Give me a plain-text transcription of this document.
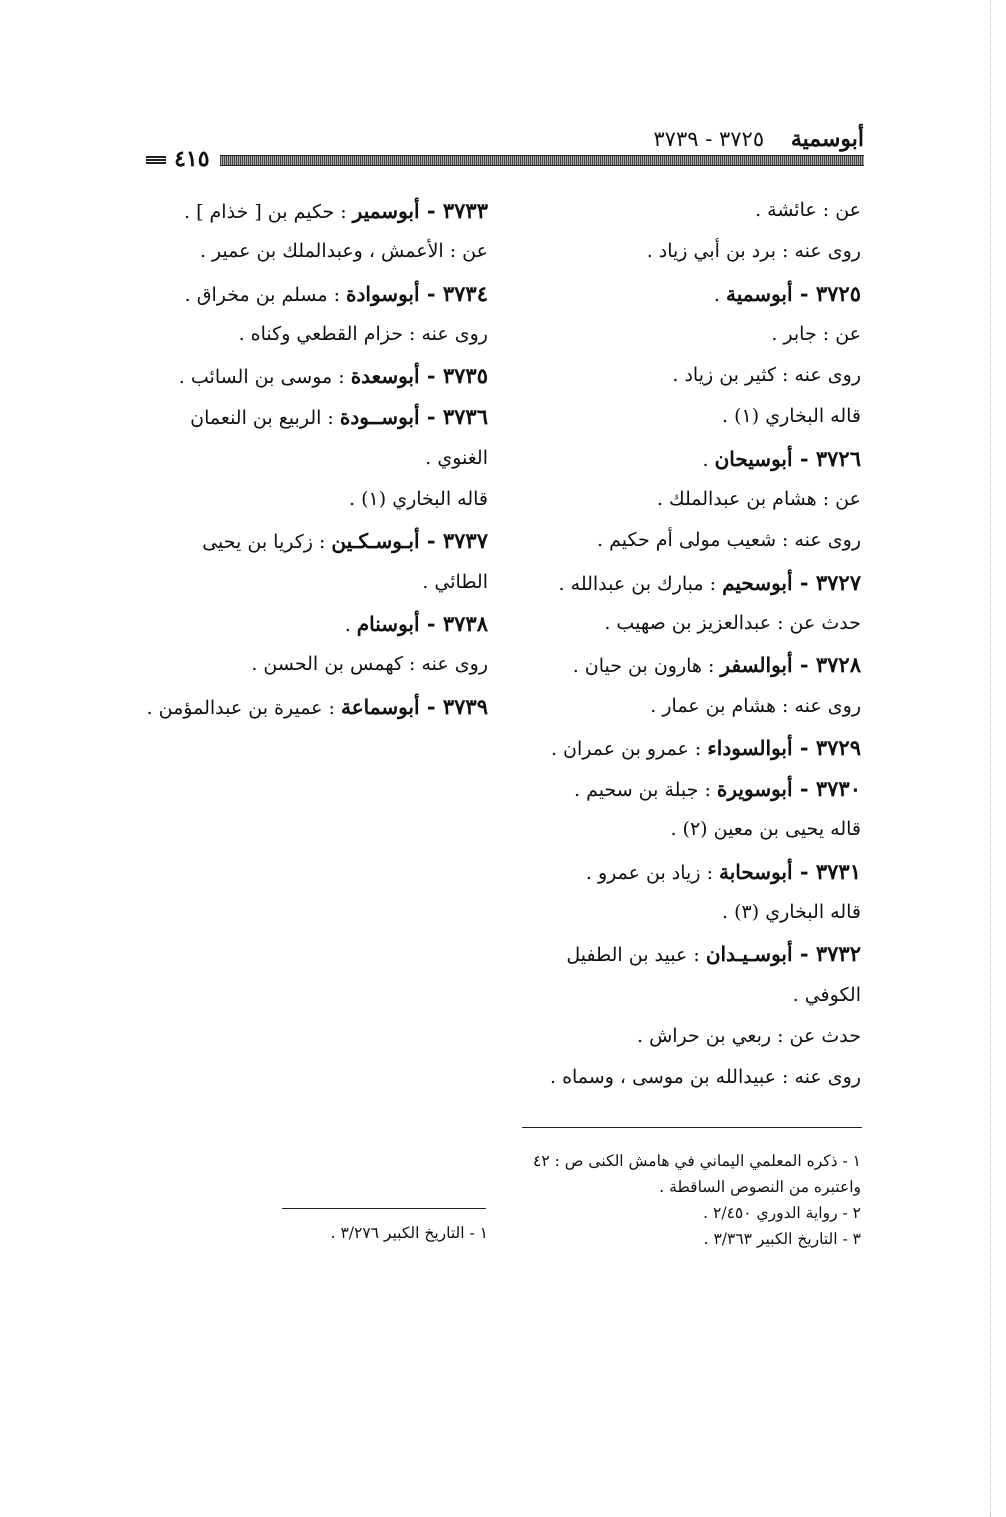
أبوسمية    ٣٧٢٥ - ٣٧٣٩
٤١٥
عن : عائشة .
روى عنه : برد بن أبي زياد .
٣٧٢٥ - أبوسمية .
عن : جابر .
روى عنه : كثير بن زياد .
قاله البخاري (١) .
٣٧٢٦ - أبوسيحان .
عن : هشام بن عبدالملك .
روى عنه : شعيب مولى أم حكيم .
٣٧٢٧ - أبوسحيم : مبارك بن عبدالله .
حدث عن : عبدالعزيز بن صهيب .
٣٧٢٨ - أبوالسفر : هارون بن حيان .
روى عنه : هشام بن عمار .
٣٧٢٩ - أبوالسوداء : عمرو بن عمران .
٣٧٣٠ - أبوسويرة : جبلة بن سحيم .
قاله يحيى بن معين (٢) .
٣٧٣١ - أبوسحابة : زياد بن عمرو .
قاله البخاري (٣) .
٣٧٣٢ - أبوسـيـدان : عبيد بن الطفيل
الكوفي .
حدث عن : ربعي بن حراش .
روى عنه : عبيدالله بن موسى ، وسماه .
٣٧٣٣ - أبوسمير : حكيم بن [ خذام ] .
عن : الأعمش ، وعبدالملك بن عمير .
٣٧٣٤ - أبوسوادة : مسلم بن مخراق .
روى عنه : حزام القطعي وكناه .
٣٧٣٥ - أبوسعدة : موسى بن السائب .
٣٧٣٦ - أبوســودة : الربيع بن النعمان
الغنوي .
قاله البخاري (١) .
٣٧٣٧ - أبـوسـكـين : زكريا بن يحيى
الطائي .
٣٧٣٨ - أبوسنام .
روى عنه : كهمس بن الحسن .
٣٧٣٩ - أبوسماعة : عميرة بن عبدالمؤمن .
١ - ذكره المعلمي اليماني في هامش الكنى ص : ٤٢
واعتبره من النصوص الساقطة .
٢ - رواية الدوري ٢/٤٥٠ .
٣ - التاريخ الكبير ٣/٣٦٣ .
١ - التاريخ الكبير ٣/٢٧٦ .
